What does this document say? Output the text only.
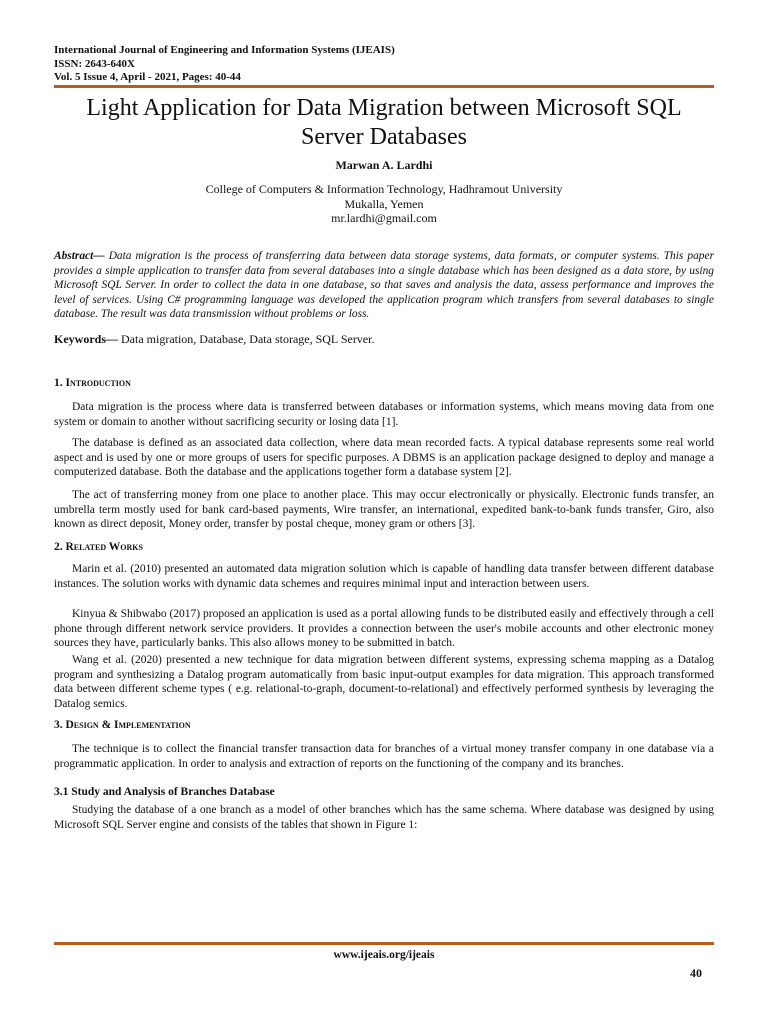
International Journal of Engineering and Information Systems (IJEAIS)
ISSN: 2643-640X
Vol. 5 Issue 4, April - 2021, Pages: 40-44
Light Application for Data Migration between Microsoft SQL Server Databases
Marwan A. Lardhi
College of Computers & Information Technology, Hadhramout University
Mukalla, Yemen
mr.lardhi@gmail.com
Abstract— Data migration is the process of transferring data between data storage systems, data formats, or computer systems. This paper provides a simple application to transfer data from several databases into a single database which has been designed as a data store, by using Microsoft SQL Server. In order to collect the data in one database, so that saves and analysis the data, assess performance and improves the level of services. Using C# programming language was developed the application program which transfers from several databases to single database. The result was data transmission without problems or loss.
Keywords— Data migration, Database, Data storage, SQL Server.
1. Introduction
Data migration is the process where data is transferred between databases or information systems, which means moving data from one system or domain to another without sacrificing security or losing data [1].
The database is defined as an associated data collection, where data mean recorded facts. A typical database represents some real world aspect and is used by one or more groups of users for specific purposes. A DBMS is an application package designed to deploy and manage a computerized database. Both the database and the applications together form a database system [2].
The act of transferring money from one place to another place. This may occur electronically or physically. Electronic funds transfer, an umbrella term mostly used for bank card-based payments, Wire transfer, an international, expedited bank-to-bank funds transfer, Giro, also known as direct deposit, Money order, transfer by postal cheque, money gram or others [3].
2. Related Works
Marin et al. (2010) presented an automated data migration solution which is capable of handling data transfer between different database instances. The solution works with dynamic data schemes and requires minimal input and interaction between users.
Kinyua & Shibwabo (2017) proposed an application is used as a portal allowing funds to be distributed easily and effectively through a cell phone through different network service providers. It provides a connection between the user's mobile accounts and other electronic money sources they have, particularly banks. This also allows money to be submitted in batch.
Wang et al. (2020) presented a new technique for data migration between different systems, expressing schema mapping as a Datalog program and synthesizing a Datalog program automatically from basic input-output examples for data migration. This approach transformed data between different scheme types ( e.g. relational-to-graph, document-to-relational) and effectively performed synthesis by leveraging the Datalog semics.
3. Design & Implementation
The technique is to collect the financial transfer transaction data for branches of a virtual money transfer company in one database via a programmatic application. In order to analysis and extraction of reports on the functioning of the company and its branches.
3.1 Study and Analysis of Branches Database
Studying the database of a one branch as a model of other branches which has the same schema. Where database was designed by using Microsoft SQL Server engine and consists of the tables that shown in Figure 1:
www.ijeais.org/ijeais
40
